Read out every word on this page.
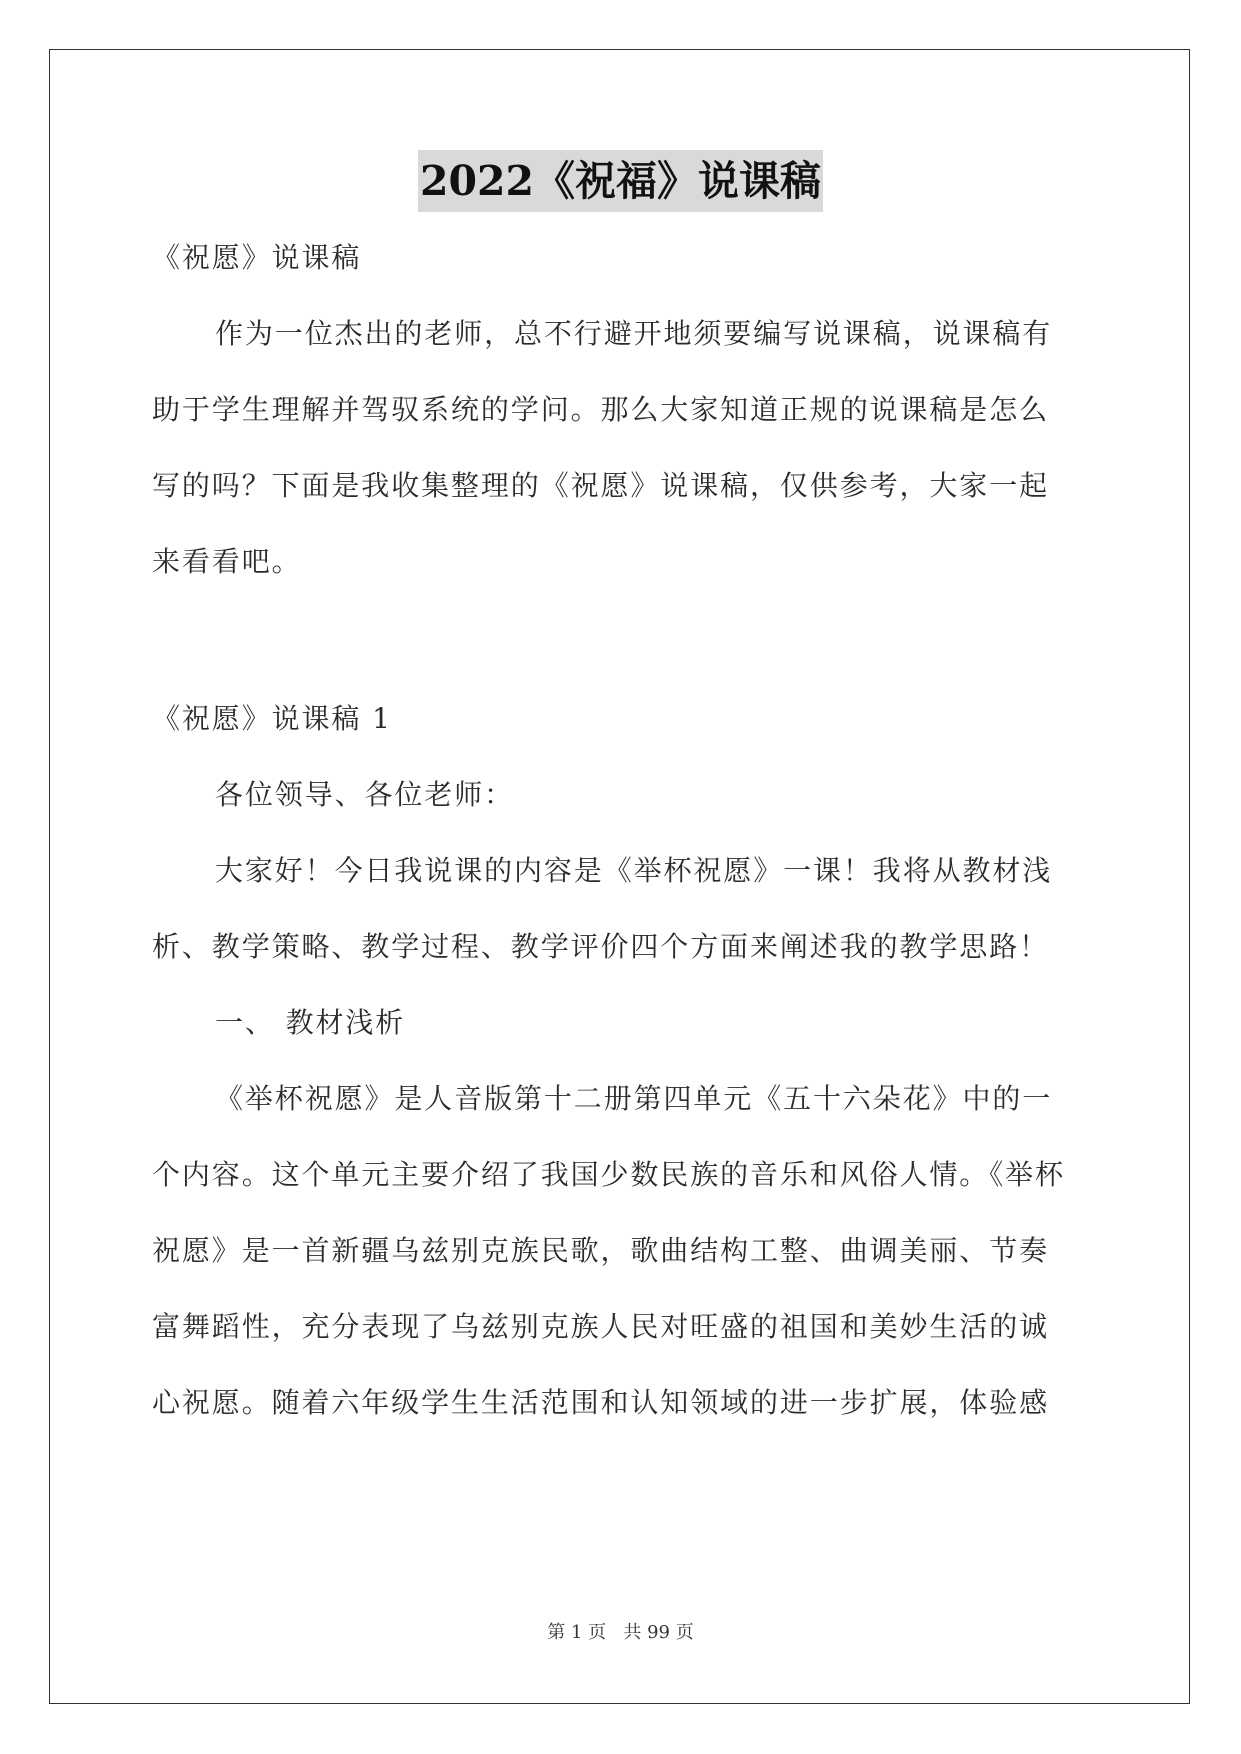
2022《祝福》说课稿
《祝愿》说课稿
作为一位杰出的老师，总不行避开地须要编写说课稿，说课稿有
助于学生理解并驾驭系统的学问。那么大家知道正规的说课稿是怎么
写的吗？下面是我收集整理的《祝愿》说课稿，仅供参考，大家一起
来看看吧。
《祝愿》说课稿 1
各位领导、各位老师：
大家好！今日我说课的内容是《举杯祝愿》一课！我将从教材浅
析、教学策略、教学过程、教学评价四个方面来阐述我的教学思路！
一、 教材浅析
《举杯祝愿》是人音版第十二册第四单元《五十六朵花》中的一
个内容。这个单元主要介绍了我国少数民族的音乐和风俗人情。《举杯
祝愿》是一首新疆乌兹别克族民歌，歌曲结构工整、曲调美丽、节奏
富舞蹈性，充分表现了乌兹别克族人民对旺盛的祖国和美妙生活的诚
心祝愿。随着六年级学生生活范围和认知领域的进一步扩展，体验感
第 1 页 共 99 页
